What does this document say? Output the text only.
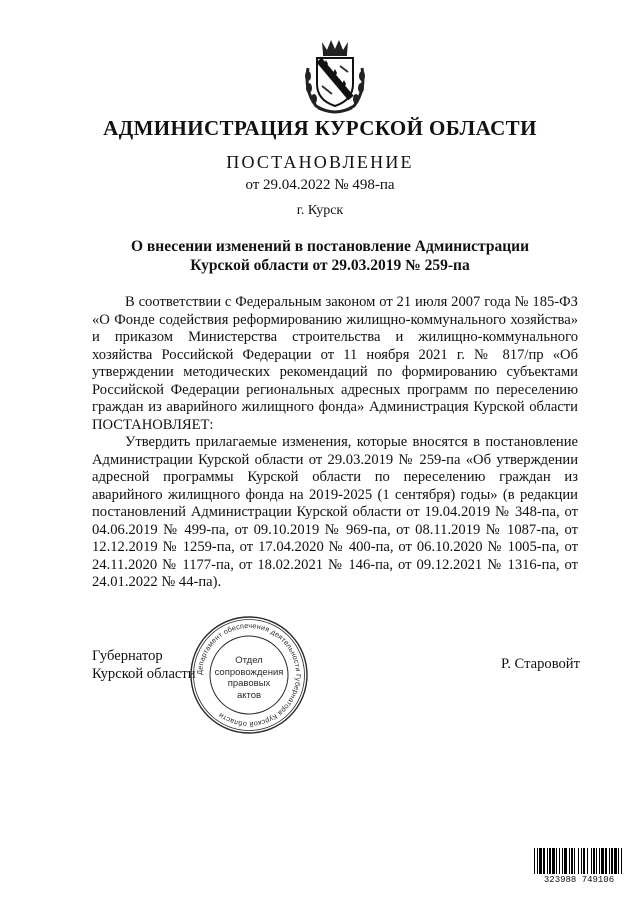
АДМИНИСТРАЦИЯ КУРСКОЙ ОБЛАСТИ
ПОСТАНОВЛЕНИЕ
от 29.04.2022 № 498-па
г. Курск
О внесении изменений в постановление Администрации Курской области от 29.03.2019 № 259-па

В соответствии с Федеральным законом от 21 июля 2007 года № 185-ФЗ «О Фонде содействия реформированию жилищно-коммунального хозяйства» и приказом Министерства строительства и жилищно-коммунального хозяйства Российской Федерации от 11 ноября 2021 г. № 817/пр «Об утверждении методических рекомендаций по формированию субъектами Российской Федерации региональных адресных программ по переселению граждан из аварийного жилищного фонда» Администрация Курской области ПОСТАНОВЛЯЕТ:

Утвердить прилагаемые изменения, которые вносятся в постановление Администрации Курской области от 29.03.2019 № 259-па «Об утверждении адресной программы Курской области по переселению граждан из аварийного жилищного фонда на 2019-2025 (1 сентября) годы» (в редакции постановлений Администрации Курской области от 19.04.2019 № 348-па, от 04.06.2019 № 499-па, от 09.10.2019 № 969-па, от 08.11.2019 № 1087-па, от 12.12.2019 № 1259-па, от 17.04.2020 № 400-па, от 06.10.2020 № 1005-па, от 24.11.2020 № 1177-па, от 18.02.2021 № 146-па, от 09.12.2021 № 1316-па, от 24.01.2022 № 44-па).

Губернатор
Курской области
Р. Старовойт
Департамент обеспечения деятельности Губернатора Курской области
Отдел
сопровождения
правовых
актов
323988 749106
